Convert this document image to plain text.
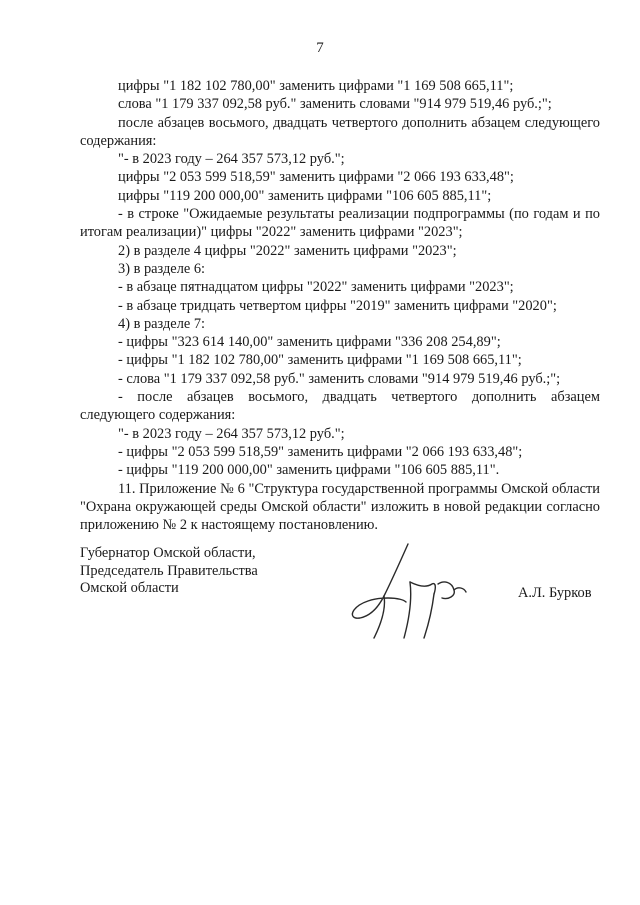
7

цифры "1 182 102 780,00" заменить цифрами "1 169 508 665,11";

слова "1 179 337 092,58 руб." заменить словами "914 979 519,46 руб.;";

после абзацев восьмого, двадцать четвертого дополнить абзацем следующего содержания:

"- в 2023 году – 264 357 573,12 руб.";

цифры "2 053 599 518,59" заменить цифрами "2 066 193 633,48";

цифры "119 200 000,00" заменить цифрами "106 605 885,11";

- в строке "Ожидаемые результаты реализации подпрограммы (по годам и по итогам реализации)" цифры "2022" заменить цифрами "2023";

2) в разделе 4 цифры "2022" заменить цифрами "2023";

3) в разделе 6:

- в абзаце пятнадцатом цифры "2022" заменить цифрами "2023";

- в абзаце тридцать четвертом цифры "2019" заменить цифрами "2020";

4) в разделе 7:

- цифры "323 614 140,00" заменить цифрами "336 208 254,89";

- цифры "1 182 102 780,00" заменить цифрами "1 169 508 665,11";

- слова "1 179 337 092,58 руб." заменить словами "914 979 519,46 руб.;";

- после абзацев восьмого, двадцать четвертого дополнить абзацем следующего содержания:

"- в 2023 году – 264 357 573,12 руб.";

- цифры "2 053 599 518,59" заменить цифрами "2 066 193 633,48";

- цифры "119 200 000,00" заменить цифрами "106 605 885,11".

11. Приложение № 6 "Структура государственной программы Омской области "Охрана окружающей среды Омской области" изложить в новой редакции согласно приложению № 2 к настоящему постановлению.

Губернатор Омской области,
Председатель Правительства
Омской области	А.Л. Бурков
